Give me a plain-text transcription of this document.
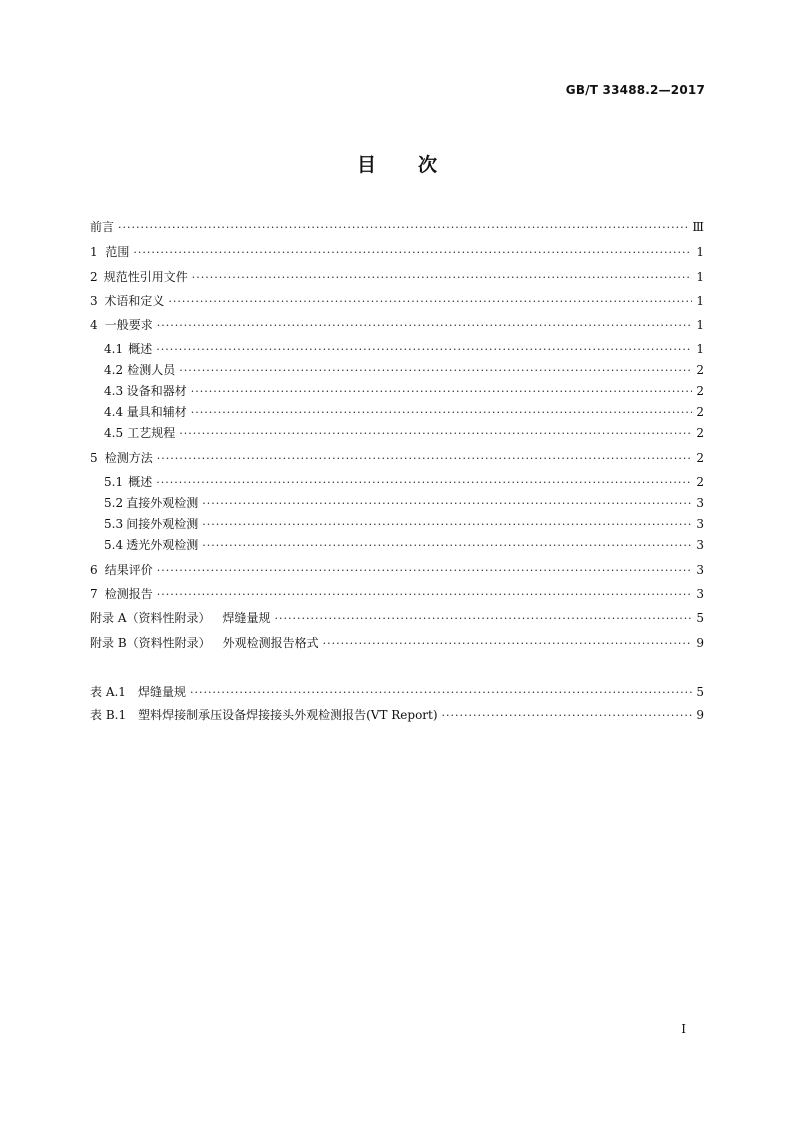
GB/T 33488.2—2017
目 次
前言 ·····	Ⅲ
1 范围 ·····	1
2 规范性引用文件 ·····	1
3 术语和定义 ·····	1
4 一般要求 ·····	1
4.1 概述 ·····	1
4.2 检测人员 ·····	2
4.3 设备和器材 ·····	2
4.4 量具和辅材 ·····	2
4.5 工艺规程 ·····	2
5 检测方法 ·····	2
5.1 概述 ·····	2
5.2 直接外观检测 ·····	3
5.3 间接外观检测 ·····	3
5.4 透光外观检测 ·····	3
6 结果评价 ·····	3
7 检测报告 ·····	3
附录 A（资料性附录） 焊缝量规 ·····	5
附录 B（资料性附录） 外观检测报告格式 ·····	9
表 A.1 焊缝量规 ·····	5
表 B.1 塑料焊接制承压设备焊接接头外观检测报告(VT Report) ·····	9
I
